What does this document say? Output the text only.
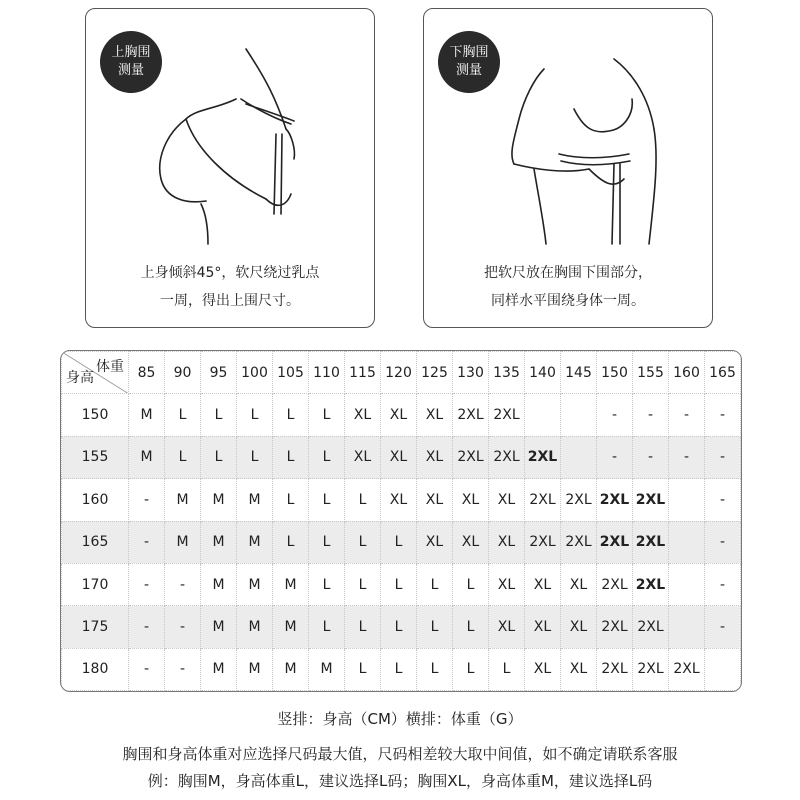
上胸围
测量
上身倾斜45°，软尺绕过乳点
一周，得出上围尺寸。
下胸围
测量
把软尺放在胸围下围部分，
同样水平围绕身体一周。
体重
身高	85	90	95	100	105	110	115	120	125	130	135	140	145	150	155	160	165
150	M	L	L	L	L	L	XL	XL	XL	2XL	2XL			-	-	-	-
155	M	L	L	L	L	L	XL	XL	XL	2XL	2XL	2XL		-	-	-	-
160	-	M	M	M	L	L	L	XL	XL	XL	XL	2XL	2XL	2XL	2XL		-
165	-	M	M	M	L	L	L	L	XL	XL	XL	2XL	2XL	2XL	2XL		-
170	-	-	M	M	M	L	L	L	L	L	XL	XL	XL	2XL	2XL		-
175	-	-	M	M	M	L	L	L	L	L	XL	XL	XL	2XL	2XL		-
180	-	-	M	M	M	M	L	L	L	L	L	XL	XL	2XL	2XL	2XL	
竖排：身高（CM）横排：体重（G）
胸围和身高体重对应选择尺码最大值，尺码相差较大取中间值，如不确定请联系客服
例：胸围M，身高体重L，建议选择L码；胸围XL，身高体重M，建议选择L码
